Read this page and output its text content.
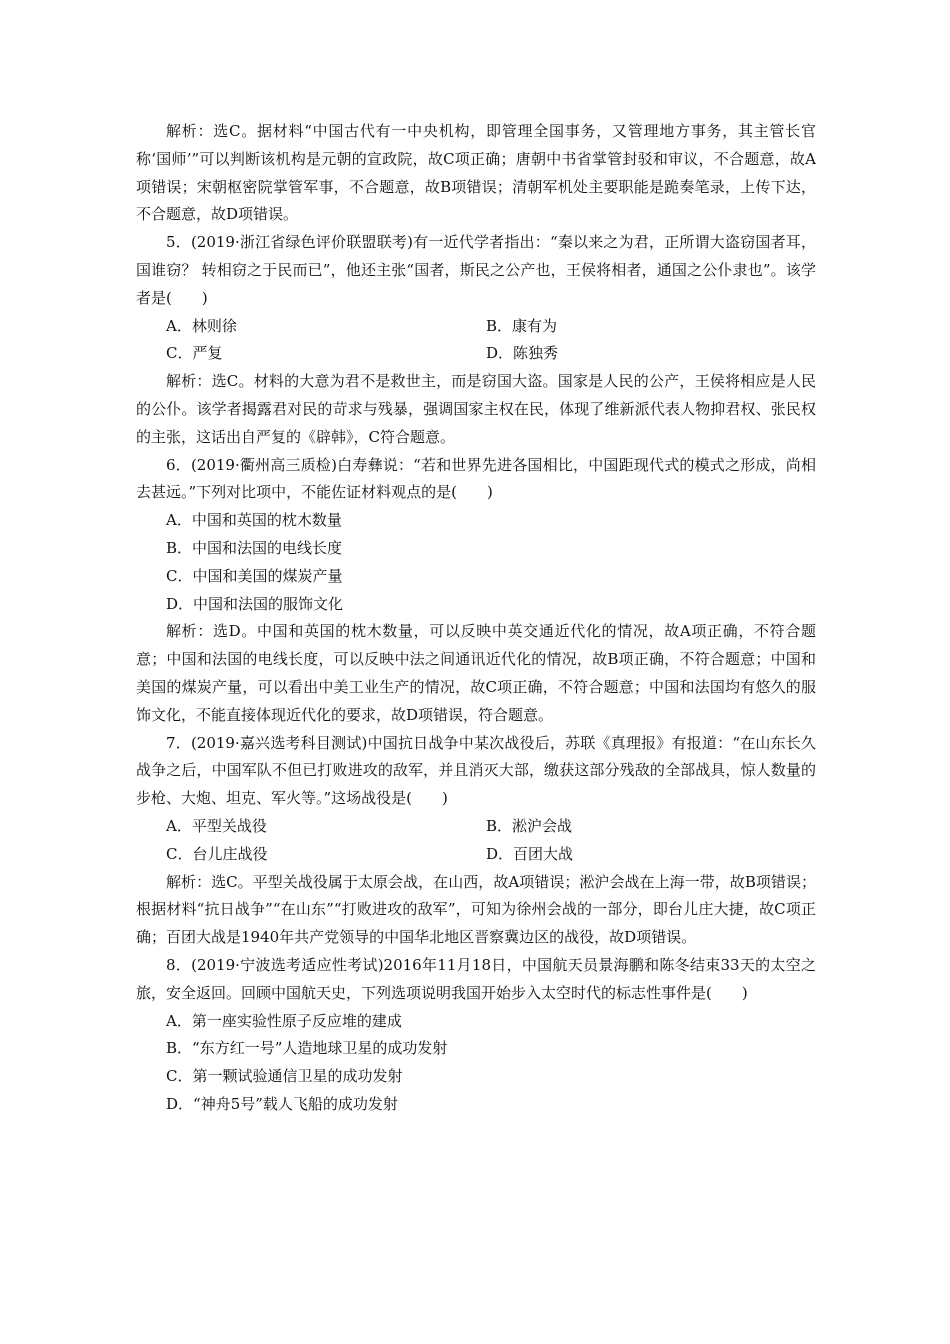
解析：选C。据材料“中国古代有一中央机构，即管理全国事务，又管理地方事务，其主管长官称‘国师’”可以判断该机构是元朝的宣政院，故C项正确；唐朝中书省掌管封驳和审议，不合题意，故A项错误；宋朝枢密院掌管军事，不合题意，故B项错误；清朝军机处主要职能是跪奏笔录，上传下达，不合题意，故D项错误。

5．(2019·浙江省绿色评价联盟联考)有一近代学者指出：“秦以来之为君，正所谓大盗窃国者耳，国谁窃？ 转相窃之于民而已”，他还主张“国者，斯民之公产也，王侯将相者，通国之公仆隶也”。该学者是(　　)

A．林则徐	B．康有为
C．严复	D．陈独秀

解析：选C。材料的大意为君不是救世主，而是窃国大盗。国家是人民的公产，王侯将相应是人民的公仆。该学者揭露君对民的苛求与残暴，强调国家主权在民，体现了维新派代表人物抑君权、张民权的主张，这话出自严复的《辟韩》，C符合题意。

6．(2019·衢州高三质检)白寿彝说：“若和世界先进各国相比，中国距现代式的模式之形成，尚相去甚远。”下列对比项中，不能佐证材料观点的是(　　)

A．中国和英国的枕木数量

B．中国和法国的电线长度

C．中国和美国的煤炭产量

D．中国和法国的服饰文化

解析：选D。中国和英国的枕木数量，可以反映中英交通近代化的情况，故A项正确，不符合题意；中国和法国的电线长度，可以反映中法之间通讯近代化的情况，故B项正确，不符合题意；中国和美国的煤炭产量，可以看出中美工业生产的情况，故C项正确，不符合题意；中国和法国均有悠久的服饰文化，不能直接体现近代化的要求，故D项错误，符合题意。

7．(2019·嘉兴选考科目测试)中国抗日战争中某次战役后，苏联《真理报》有报道：“在山东长久战争之后，中国军队不但已打败进攻的敌军，并且消灭大部，缴获这部分残敌的全部战具，惊人数量的步枪、大炮、坦克、军火等。”这场战役是(　　)

A．平型关战役	B．淞沪会战
C．台儿庄战役	D．百团大战

解析：选C。平型关战役属于太原会战，在山西，故A项错误；淞沪会战在上海一带，故B项错误；根据材料“抗日战争”“在山东”“打败进攻的敌军”，可知为徐州会战的一部分，即台儿庄大捷，故C项正确；百团大战是1940年共产党领导的中国华北地区晋察冀边区的战役，故D项错误。

8．(2019·宁波选考适应性考试)2016年11月18日，中国航天员景海鹏和陈冬结束33天的太空之旅，安全返回。回顾中国航天史，下列选项说明我国开始步入太空时代的标志性事件是(　　)

A．第一座实验性原子反应堆的建成

B．“东方红一号”人造地球卫星的成功发射

C．第一颗试验通信卫星的成功发射

D．“神舟5号”载人飞船的成功发射
